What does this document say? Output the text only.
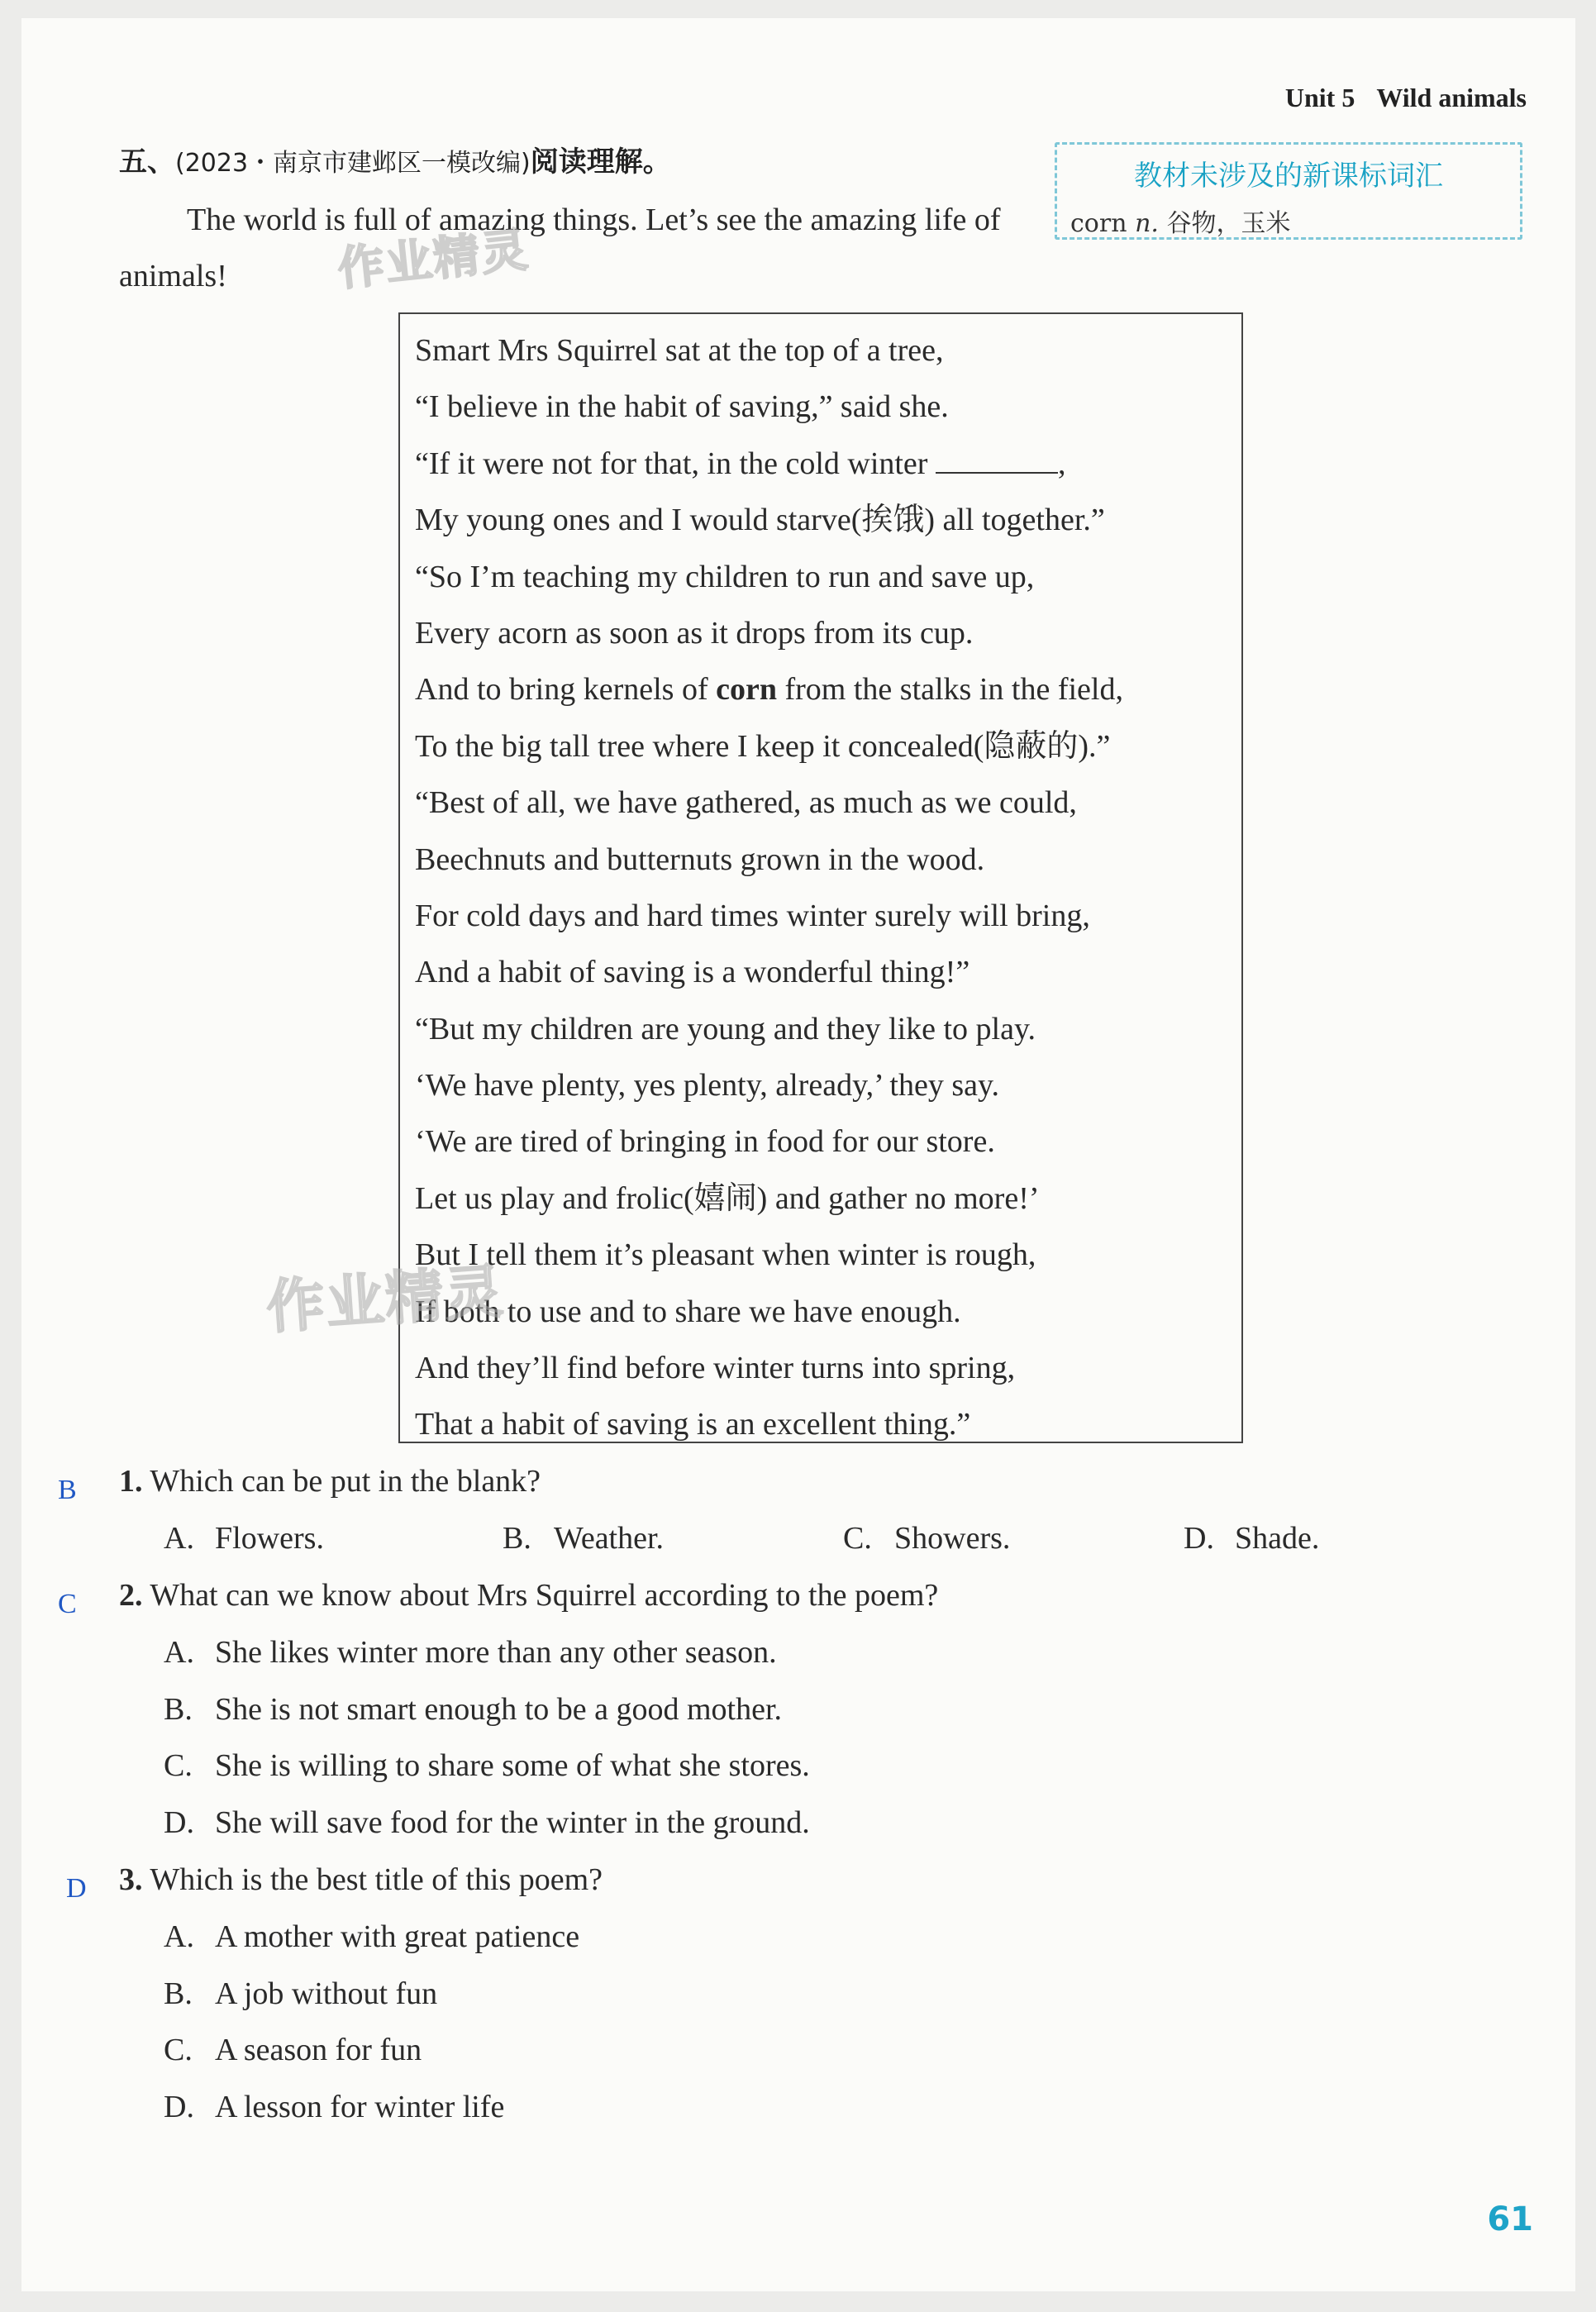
Unit 5 Wild animals
五、(2023・南京市建邺区一模改编)阅读理解。	教材未涉及的新课标词汇
corn n. 谷物，玉米
The world is full of amazing things. Let’s see the amazing life of animals!	作业精灵
Smart Mrs Squirrel sat at the top of a tree,
“I believe in the habit of saving,” said she.
“If it were not for that, in the cold winter	,
My young ones and I would starve(挨饿) all together.”
“So I’m teaching my children to run and save up,
Every acorn as soon as it drops from its cup.
And to bring kernels of corn from the stalks in the field,
To the big tall tree where I keep it concealed(隐蔽的).”
“Best of all, we have gathered, as much as we could,
Beechnuts and butternuts grown in the wood.
For cold days and hard times winter surely will bring,
And a habit of saving is a wonderful thing!”
“But my children are young and they like to play.
‘We have plenty, yes plenty, already,’ they say.
‘We are tired of bringing in food for our store.
Let us play and frolic(嬉闹) and gather no more!’
But I tell them it’s pleasant when winter is rough,
If both to use and to share we have enough.
And they’ll find before winter turns into spring,
That a habit of saving is an excellent thing.”
作业精灵
B 1. Which can be put in the blank?
A. Flowers.	B. Weather.	C. Showers.	D. Shade.
C 2. What can we know about Mrs Squirrel according to the poem?
A. She likes winter more than any other season.
B. She is not smart enough to be a good mother.
C. She is willing to share some of what she stores.
D. She will save food for the winter in the ground.
D 3. Which is the best title of this poem?
A. A mother with great patience
B. A job without fun
C. A season for fun
D. A lesson for winter life
61
